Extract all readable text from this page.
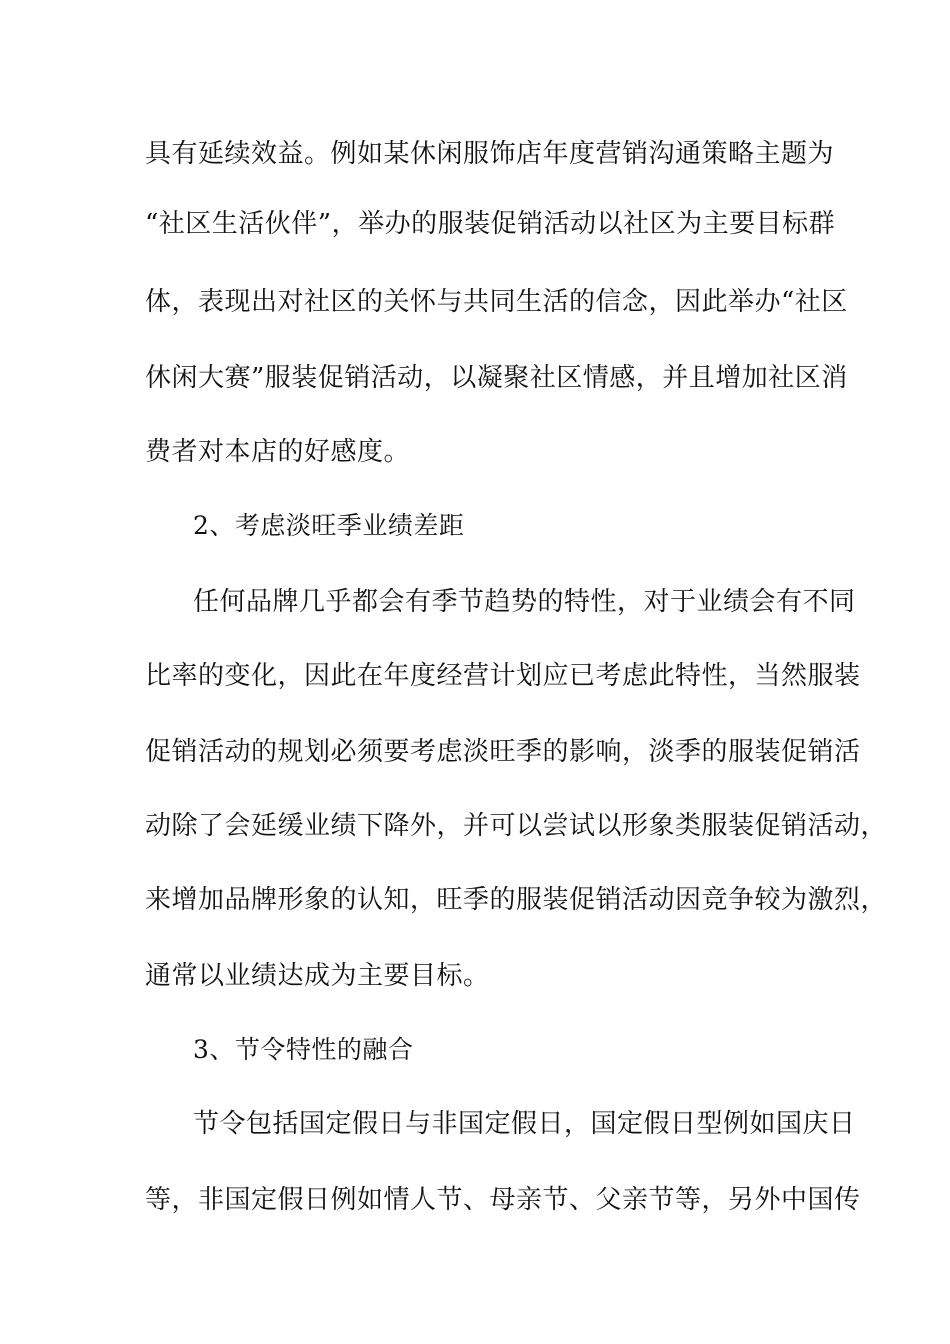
具有延续效益。例如某休闲服饰店年度营销沟通策略主题为
“社区生活伙伴”，举办的服装促销活动以社区为主要目标群
体，表现出对社区的关怀与共同生活的信念，因此举办“社区
休闲大赛”服装促销活动，以凝聚社区情感，并且增加社区消
费者对本店的好感度。
2、考虑淡旺季业绩差距
任何品牌几乎都会有季节趋势的特性，对于业绩会有不同
比率的变化，因此在年度经营计划应已考虑此特性，当然服装
促销活动的规划必须要考虑淡旺季的影响，淡季的服装促销活
动除了会延缓业绩下降外，并可以尝试以形象类服装促销活动，
来增加品牌形象的认知，旺季的服装促销活动因竞争较为激烈，
通常以业绩达成为主要目标。
3、节令特性的融合
节令包括国定假日与非国定假日，国定假日型例如国庆日
等，非国定假日例如情人节、母亲节、父亲节等，另外中国传
